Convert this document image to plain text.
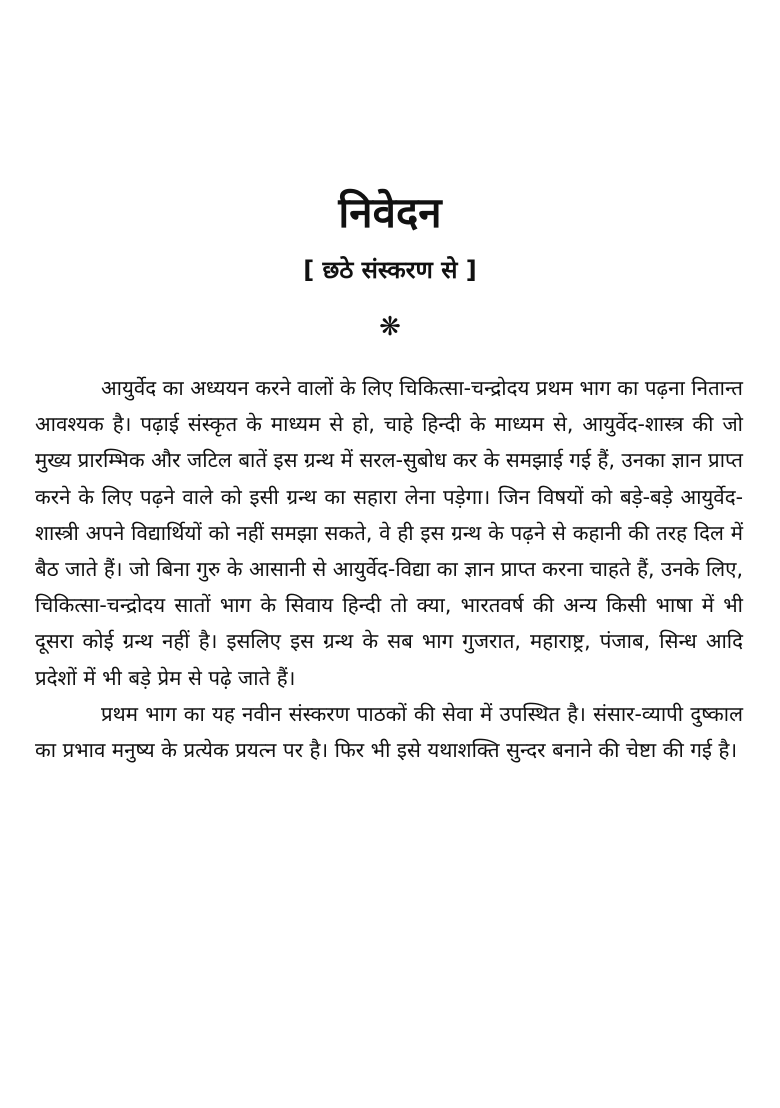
निवेदन
[ छठे संस्करण से ]
❋

आयुर्वेद का अध्ययन करने वालों के लिए चिकित्सा-चन्द्रोदय प्रथम भाग का पढ़ना नितान्त आवश्यक है। पढ़ाई संस्कृत के माध्यम से हो, चाहे हिन्दी के माध्यम से, आयुर्वेद-शास्त्र की जो मुख्य प्रारम्भिक और जटिल बातें इस ग्रन्थ में सरल-सुबोध कर के समझाई गई हैं, उनका ज्ञान प्राप्त करने के लिए पढ़ने वाले को इसी ग्रन्थ का सहारा लेना पड़ेगा। जिन विषयों को बड़े-बड़े आयुर्वेद-शास्त्री अपने विद्यार्थियों को नहीं समझा सकते, वे ही इस ग्रन्थ के पढ़ने से कहानी की तरह दिल में बैठ जाते हैं। जो बिना गुरु के आसानी से आयुर्वेद-विद्या का ज्ञान प्राप्त करना चाहते हैं, उनके लिए, चिकित्सा-चन्द्रोदय सातों भाग के सिवाय हिन्दी तो क्या, भारतवर्ष की अन्य किसी भाषा में भी दूसरा कोई ग्रन्थ नहीं है। इसलिए इस ग्रन्थ के सब भाग गुजरात, महाराष्ट्र, पंजाब, सिन्ध आदि प्रदेशों में भी बड़े प्रेम से पढ़े जाते हैं।

प्रथम भाग का यह नवीन संस्करण पाठकों की सेवा में उपस्थित है। संसार-व्यापी दुष्काल का प्रभाव मनुष्य के प्रत्येक प्रयत्न पर है। फिर भी इसे यथाशक्ति सुन्दर बनाने की चेष्टा की गई है।
